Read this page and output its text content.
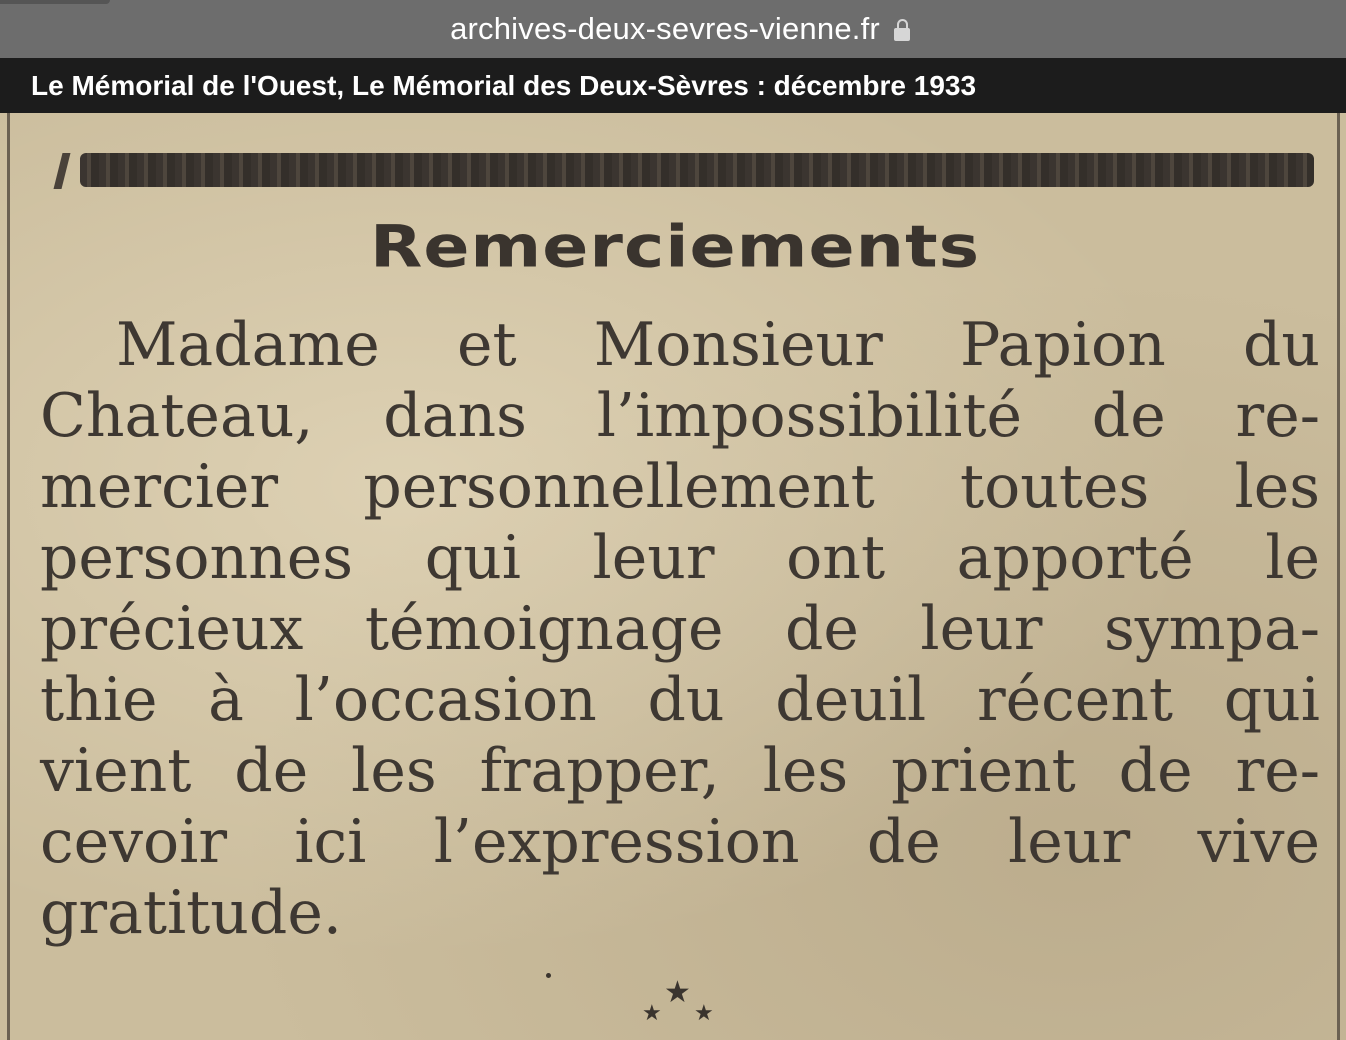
archives-deux-sevres-vienne.fr
Le Mémorial de l'Ouest, Le Mémorial des Deux-Sèvres : décembre 1933
Remerciements
Madame et Monsieur Papion du
Chateau, dans l’impossibilité de re-
mercier personnellement toutes les
personnes qui leur ont apporté le
précieux témoignage de leur sympa-
thie à l’occasion du deuil récent qui
vient de les frapper, les prient de re-
cevoir ici l’expression de leur vive
gratitude.
★
★ ★
